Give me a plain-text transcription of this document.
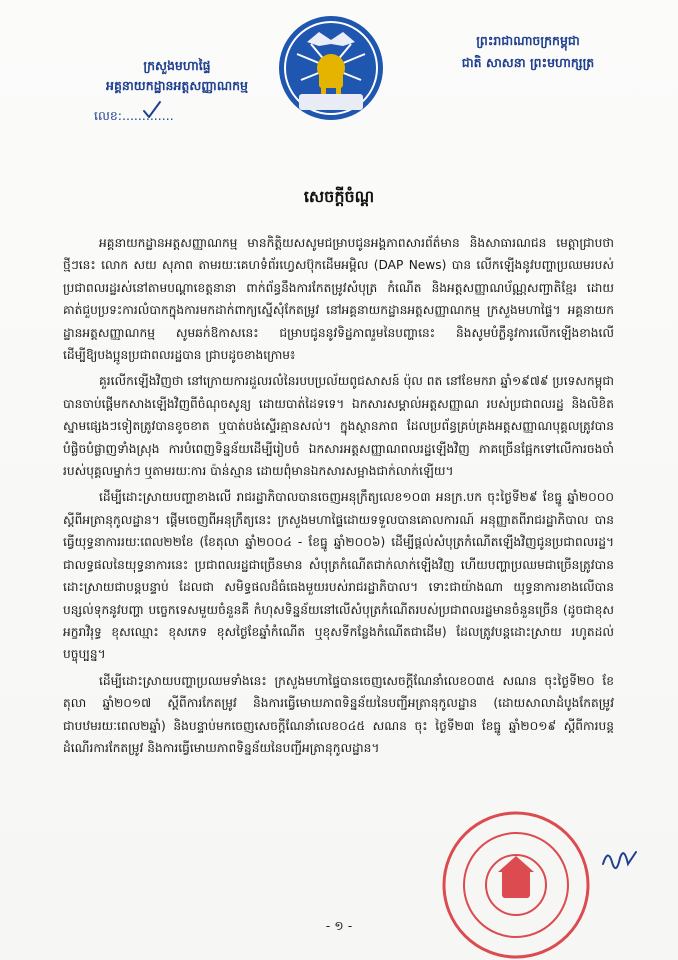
ក្រសួងមហាផ្ទៃ
អគ្គនាយកដ្ឋានអត្តសញ្ញាណកម្ម
លេខ:.............
ព្រះរាជាណាចក្រកម្ពុជា
ជាតិ សាសនា ព្រះមហាក្សត្រ
សេចក្តីចំណ្ត

អគ្គនាយកដ្ឋានអត្តសញ្ញាណកម្ម មានកិត្តិយសសូមជម្រាបជូនអង្គភាពសារព័ត៌មាន និងសាធារណជន មេត្តាជ្រាបថា ថ្មីៗនេះ លោក សយ សុភាព តាមរយៈគេហទំព័រហ្វេសប៊ុកដើមអម្ពិល (DAP News) បាន លើកឡើងនូវបញ្ហាប្រឈមរបស់ប្រជាពលរដ្ឋរស់នៅតាមបណ្តាខេត្តនានា ពាក់ព័ន្ធនឹងការកែតម្រូវសំបុត្រ កំណើត និងអត្តសញ្ញាណប័ណ្ណសញ្ជាតិខ្មែរ ដោយគាត់ជួបប្រទះការលំបាកក្នុងការមកដាក់ពាក្យស្នើសុំកែតម្រូវ នៅអគ្គនាយកដ្ឋានអត្តសញ្ញាណកម្ម ក្រសួងមហាផ្ទៃ។ អគ្គនាយកដ្ឋានអត្តសញ្ញាណកម្ម សូមឆក់ឱកាសនេះ ជម្រាបជូននូវទិដ្ឋភាពរួមនៃបញ្ហានេះ និងសូមបំភ្លឺនូវការលើកឡើងខាងលើ ដើម្បីឱ្យបងប្អូនប្រជាពលរដ្ឋបាន ជ្រាបដូចខាងក្រោម៖

គួរលើកឡើងវិញថា នៅក្រោយការដួលរលំនៃរបបប្រល័យពូជសាសន៍ ប៉ុល ពត នៅខែមករា ឆ្នាំ១៩៧៩ ប្រទេសកម្ពុជាបានចាប់ផ្តើមកសាងឡើងវិញពីចំណុចសូន្យ ដោយបាត់ដៃទទេ។ ឯកសារសម្គាល់អត្តសញ្ញាណ របស់ប្រជាពលរដ្ឋ និងលិខិតស្នាមផ្សេងៗទៀតត្រូវបានខូចខាត ឬបាត់បង់ស្ទើរគ្មានសល់។ ក្នុងស្ថានភាព ដែលប្រព័ន្ធគ្រប់គ្រងអត្តសញ្ញាណបុគ្គលត្រូវបានបំផ្លិចបំផ្លាញទាំងស្រុង ការបំពេញទិន្នន័យដើម្បីរៀបចំ ឯកសារអត្តសញ្ញាណពលរដ្ឋឡើងវិញ ភាគច្រើនផ្អែកទៅលើការចងចាំរបស់បុគ្គលម្នាក់ៗ ឬតាមរយៈការ ប៉ាន់ស្មាន ដោយពុំមានឯកសារសម្អាងជាក់លាក់ឡើយ។

ដើម្បីដោះស្រាយបញ្ហាខាងលើ រាជរដ្ឋាភិបាលបានចេញអនុក្រឹត្យលេខ១០៣ អនក្រ.បក ចុះថ្ងៃទី២៩ ខែធ្នូ ឆ្នាំ២០០០ ស្តីពីអត្រានុកូលដ្ឋាន។ ផ្តើមចេញពីអនុក្រឹត្យនេះ ក្រសួងមហាផ្ទៃដោយទទួលបានគោលការណ៍ អនុញ្ញាតពីរាជរដ្ឋាភិបាល បានធ្វើយុទ្ធនាការរយៈពេល២២ខែ (ខែតុលា ឆ្នាំ២០០៤ - ខែធ្នូ ឆ្នាំ២០០៦) ដើម្បីផ្តល់សំបុត្រកំណើតឡើងវិញជូនប្រជាពលរដ្ឋ។ ជាលទ្ធផលនៃយុទ្ធនាការនេះ ប្រជាពលរដ្ឋជាច្រើនមាន សំបុត្រកំណើតជាក់លាក់ឡើងវិញ ហើយបញ្ហាប្រឈមជាច្រើនត្រូវបានដោះស្រាយជាបន្តបន្ទាប់ ដែលជា សមិទ្ធផលដ៏ធំធេងមួយរបស់រាជរដ្ឋាភិបាល។ ទោះជាយ៉ាងណា យុទ្ធនាការខាងលើបានបន្សល់ទុកនូវបញ្ហា បច្ចេកទេសមួយចំនួនគឺ កំហុសទិន្នន័យនៅលើសំបុត្រកំណើតរបស់ប្រជាពលរដ្ឋមានចំនួនច្រើន (ដូចជាខុស អក្ខរាវិរុទ្ធ ខុសឈ្មោះ ខុសភេទ ខុសថ្ងៃខែឆ្នាំកំណើត ឬខុសទីកន្លែងកំណើតជាដើម) ដែលត្រូវបន្តដោះស្រាយ រហូតដល់បច្ចុប្បន្ន។

ដើម្បីដោះស្រាយបញ្ហាប្រឈមទាំងនេះ ក្រសួងមហាផ្ទៃបានចេញសេចក្តីណែនាំលេខ០៣៥ សណន ចុះថ្ងៃទី២០ ខែតុលា ឆ្នាំ២០១៧ ស្តីពីការកែតម្រូវ និងការធ្វើមោឃភាពទិន្នន័យនៃបញ្ជីអត្រានុកូលដ្ឋាន (ដោយសាលាដំបូងកែតម្រូវជាបឋមរយៈពេល២ឆ្នាំ) និងបន្ទាប់មកចេញសេចក្តីណែនាំលេខ០៤៥ សណន ចុះ ថ្ងៃទី២៣ ខែធ្នូ ឆ្នាំ២០១៩ ស្តីពីការបន្តដំណើរការកែតម្រូវ និងការធ្វើមោឃភាពទិន្នន័យនៃបញ្ជីអត្រានុកូលដ្ឋាន។

- ១ -
